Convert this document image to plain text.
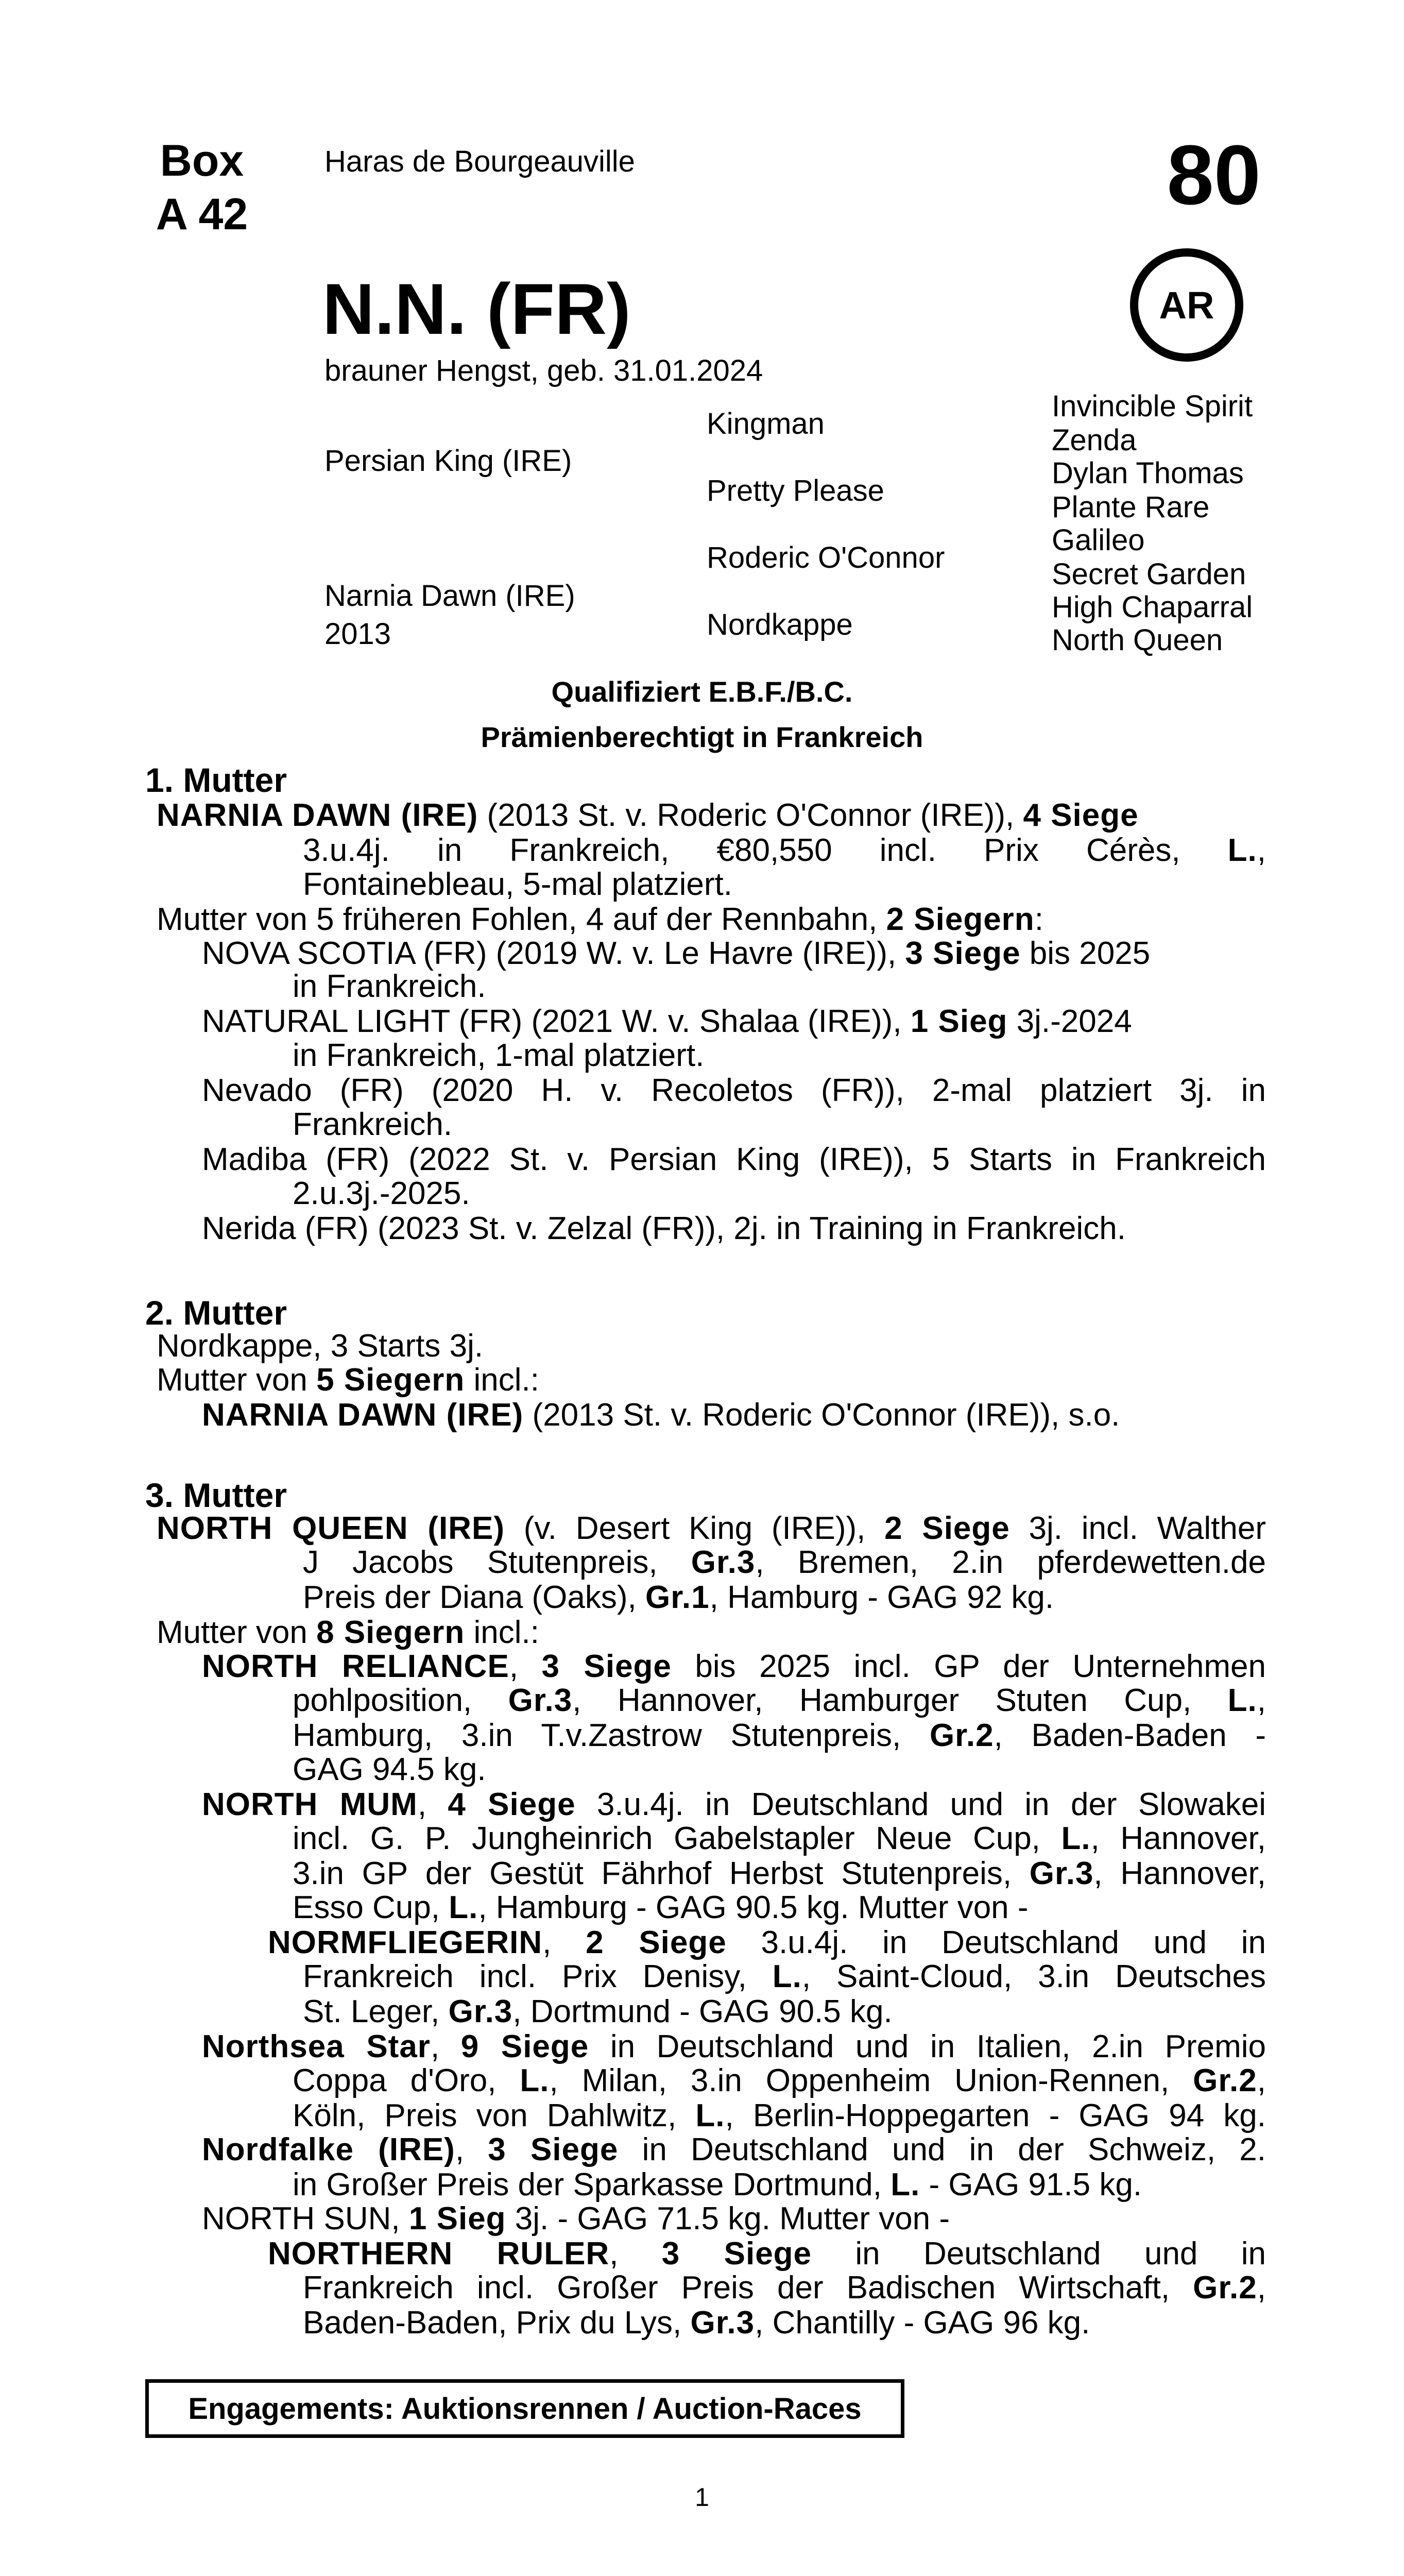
Box
A 42
Haras de Bourgeauville	80
N.N. (FR)	AR
brauner Hengst, geb. 31.01.2024
Persian King (IRE)
Narnia Dawn (IRE)
2013
Kingman
Pretty Please
Roderic O'Connor
Nordkappe
Invincible Spirit
Zenda
Dylan Thomas
Plante Rare
Galileo
Secret Garden
High Chaparral
North Queen
Qualifiziert E.B.F./B.C.
Prämienberechtigt in Frankreich
1. Mutter
NARNIA DAWN (IRE) (2013 St. v. Roderic O'Connor (IRE)), 4 Siege
3.u.4j. in Frankreich, €80,550 incl. Prix Cérès, L.,
Fontainebleau, 5-mal platziert.
Mutter von 5 früheren Fohlen, 4 auf der Rennbahn, 2 Siegern:
NOVA SCOTIA (FR) (2019 W. v. Le Havre (IRE)), 3 Siege bis 2025
in Frankreich.
NATURAL LIGHT (FR) (2021 W. v. Shalaa (IRE)), 1 Sieg 3j.-2024
in Frankreich, 1-mal platziert.
Nevado (FR) (2020 H. v. Recoletos (FR)), 2-mal platziert 3j. in
Frankreich.
Madiba (FR) (2022 St. v. Persian King (IRE)), 5 Starts in Frankreich
2.u.3j.-2025.
Nerida (FR) (2023 St. v. Zelzal (FR)), 2j. in Training in Frankreich.
2. Mutter
Nordkappe, 3 Starts 3j.
Mutter von 5 Siegern incl.:
NARNIA DAWN (IRE) (2013 St. v. Roderic O'Connor (IRE)), s.o.
3. Mutter
NORTH QUEEN (IRE) (v. Desert King (IRE)), 2 Siege 3j. incl. Walther
J Jacobs Stutenpreis, Gr.3, Bremen, 2.in pferdewetten.de
Preis der Diana (Oaks), Gr.1, Hamburg - GAG 92 kg.
Mutter von 8 Siegern incl.:
NORTH RELIANCE, 3 Siege bis 2025 incl. GP der Unternehmen
pohlposition, Gr.3, Hannover, Hamburger Stuten Cup, L.,
Hamburg, 3.in T.v.Zastrow Stutenpreis, Gr.2, Baden-Baden -
GAG 94.5 kg.
NORTH MUM, 4 Siege 3.u.4j. in Deutschland und in der Slowakei
incl. G. P. Jungheinrich Gabelstapler Neue Cup, L., Hannover,
3.in GP der Gestüt Fährhof Herbst Stutenpreis, Gr.3, Hannover,
Esso Cup, L., Hamburg - GAG 90.5 kg. Mutter von -
NORMFLIEGERIN, 2 Siege 3.u.4j. in Deutschland und in
Frankreich incl. Prix Denisy, L., Saint-Cloud, 3.in Deutsches
St. Leger, Gr.3, Dortmund - GAG 90.5 kg.
Northsea Star, 9 Siege in Deutschland und in Italien, 2.in Premio
Coppa d'Oro, L., Milan, 3.in Oppenheim Union-Rennen, Gr.2,
Köln, Preis von Dahlwitz, L., Berlin-Hoppegarten - GAG 94 kg.
Nordfalke (IRE), 3 Siege in Deutschland und in der Schweiz, 2.
in Großer Preis der Sparkasse Dortmund, L. - GAG 91.5 kg.
NORTH SUN, 1 Sieg 3j. - GAG 71.5 kg. Mutter von -
NORTHERN RULER, 3 Siege in Deutschland und in
Frankreich incl. Großer Preis der Badischen Wirtschaft, Gr.2,
Baden-Baden, Prix du Lys, Gr.3, Chantilly - GAG 96 kg.
Engagements: Auktionsrennen / Auction-Races
1
